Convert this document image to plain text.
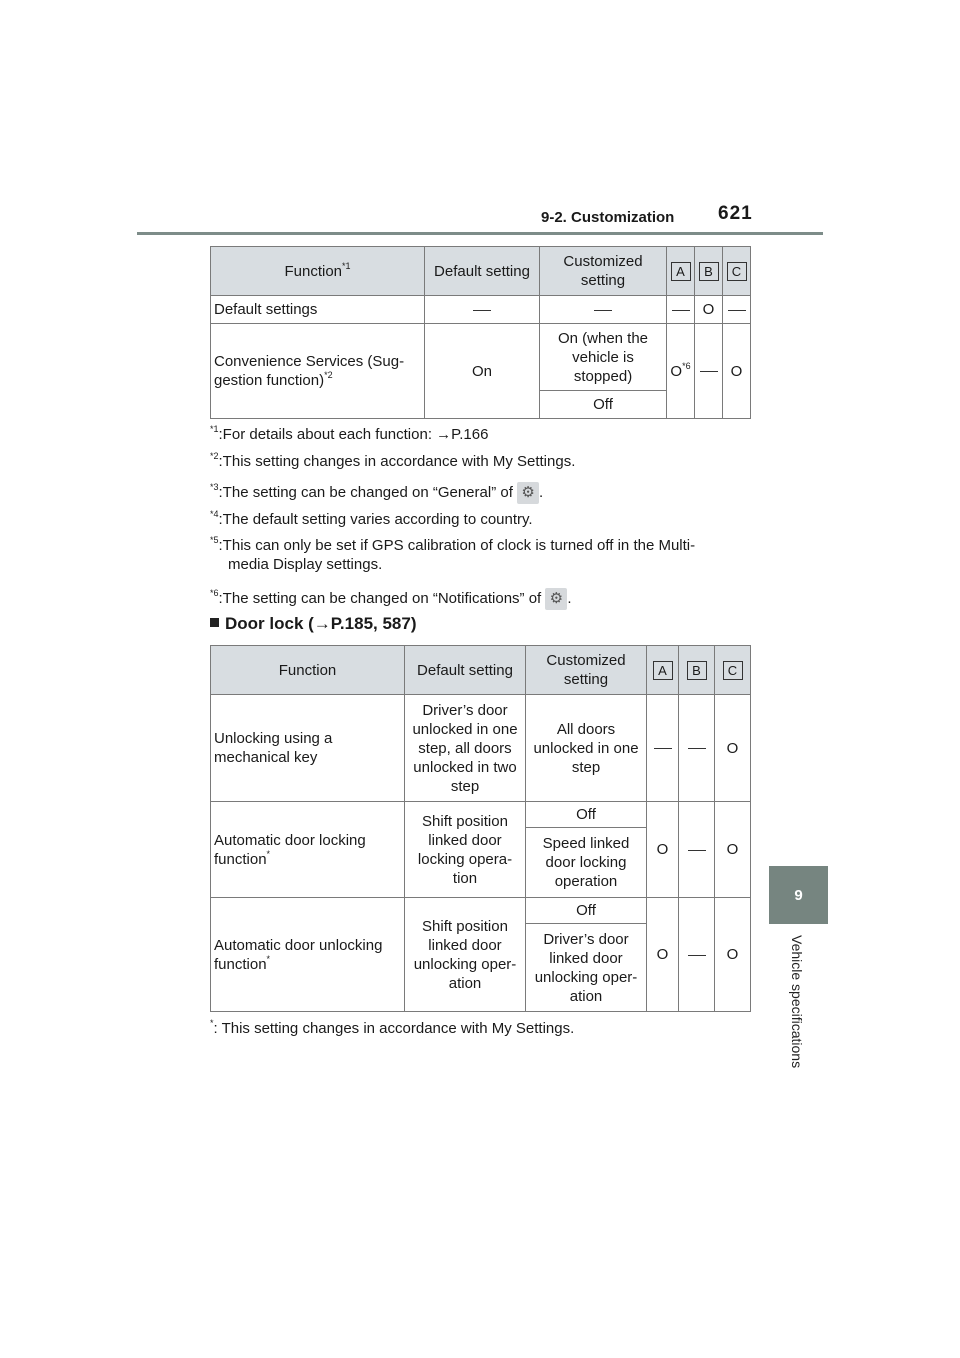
9-2. Customization 621
9
Vehicle specifications
Function$^{*1}$	Default setting	Customized setting	A	B	C
Default settings				O	
Convenience Services (Sug-gestion function)$^{*2}$	On	On (when the vehicle is stopped)	$O^{*6}$		O
		Off			
$^{*1}$:For details about each function: →P.166
$^{*2}$:This setting changes in accordance with My Settings.
$^{*3}$:The setting can be changed on “General” of ⚙ .
$^{*4}$:The default setting varies according to country.
$^{*5}$:This can only be set if GPS calibration of clock is turned off in the Multi-
media Display settings.
$^{*6}$:The setting can be changed on “Notifications” of ⚙ .
Door lock (→P.185, 587)
Function	Default setting	Customized setting	A	B	C
Unlocking using a mechanical key	Driver’s door unlocked in one step, all doors unlocked in two step	All doors unlocked in one step			O
Automatic door locking function*	Shift position linked door locking opera-tion	Off	O		O
		Speed linked door locking operation			
Automatic door unlocking function*	Shift position linked door unlocking oper-ation	Off	O		O
		Driver’s door linked door unlocking oper-ation			
*: This setting changes in accordance with My Settings.
